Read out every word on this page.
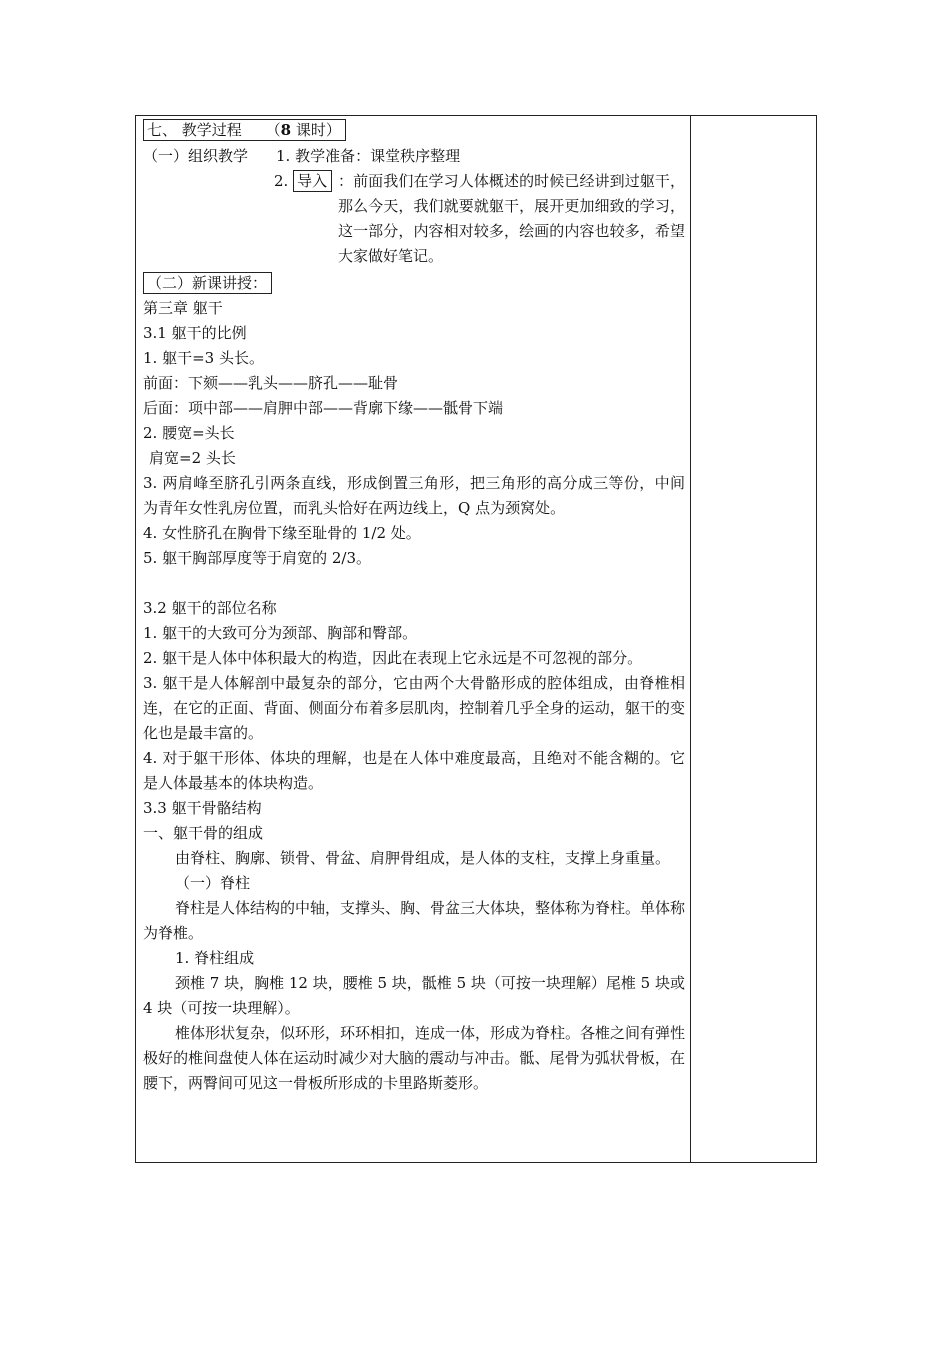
七、 教学过程 （8 课时）
（一）组织教学 1. 教学准备：课堂秩序整理
2. 导入 ：前面我们在学习人体概述的时候已经讲到过躯干，那么今天，我们就要就躯干，展开更加细致的学习，这一部分，内容相对较多，绘画的内容也较多，希望大家做好笔记。
（二）新课讲授：
第三章 躯干
3.1 躯干的比例
1. 躯干=3 头长。
前面：下颏——乳头——脐孔——耻骨
后面：项中部——肩胛中部——背廓下缘——骶骨下端
2. 腰宽=头长
肩宽=2 头长
3. 两肩峰至脐孔引两条直线，形成倒置三角形，把三角形的高分成三等份，中间为青年女性乳房位置，而乳头恰好在两边线上，Q 点为颈窝处。
4. 女性脐孔在胸骨下缘至耻骨的 1/2 处。
5. 躯干胸部厚度等于肩宽的 2/3。
3.2 躯干的部位名称
1. 躯干的大致可分为颈部、胸部和臀部。
2. 躯干是人体中体积最大的构造，因此在表现上它永远是不可忽视的部分。
3. 躯干是人体解剖中最复杂的部分，它由两个大骨骼形成的腔体组成，由脊椎相连，在它的正面、背面、侧面分布着多层肌肉，控制着几乎全身的运动，躯干的变化也是最丰富的。
4. 对于躯干形体、体块的理解，也是在人体中难度最高，且绝对不能含糊的。它是人体最基本的体块构造。
3.3 躯干骨骼结构
一、躯干骨的组成
由脊柱、胸廓、锁骨、骨盆、肩胛骨组成，是人体的支柱，支撑上身重量。
（一）脊柱
脊柱是人体结构的中轴，支撑头、胸、骨盆三大体块，整体称为脊柱。单体称为脊椎。
1. 脊柱组成
颈椎 7 块，胸椎 12 块，腰椎 5 块，骶椎 5 块（可按一块理解）尾椎 5 块或 4 块（可按一块理解）。
椎体形状复杂，似环形，环环相扣，连成一体，形成为脊柱。各椎之间有弹性极好的椎间盘使人体在运动时减少对大脑的震动与冲击。骶、尾骨为弧状骨板，在腰下，两臀间可见这一骨板所形成的卡里路斯菱形。
